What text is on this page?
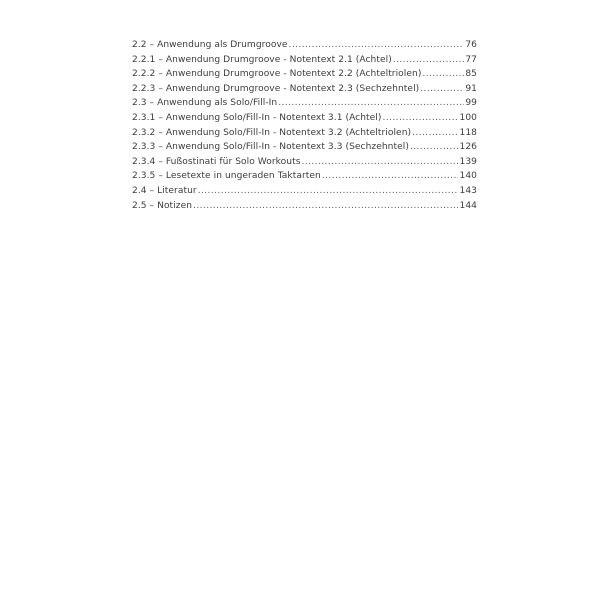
2.2 – Anwendung als Drumgroove .....	76
2.2.1 – Anwendung Drumgroove - Notentext 2.1 (Achtel) .....	77
2.2.2 – Anwendung Drumgroove - Notentext 2.2 (Achteltriolen) .....	85
2.2.3 – Anwendung Drumgroove - Notentext 2.3 (Sechzehntel) .....	91
2.3 – Anwendung als Solo/Fill-In .....	99
2.3.1 – Anwendung Solo/Fill-In - Notentext 3.1 (Achtel) .....	100
2.3.2 – Anwendung Solo/Fill-In - Notentext 3.2 (Achteltriolen) .....	118
2.3.3 – Anwendung Solo/Fill-In - Notentext 3.3 (Sechzehntel) .....	126
2.3.4 – Fußostinati für Solo Workouts .....	139
2.3.5 – Lesetexte in ungeraden Taktarten .....	140
2.4 – Literatur .....	143
2.5 – Notizen .....	144
